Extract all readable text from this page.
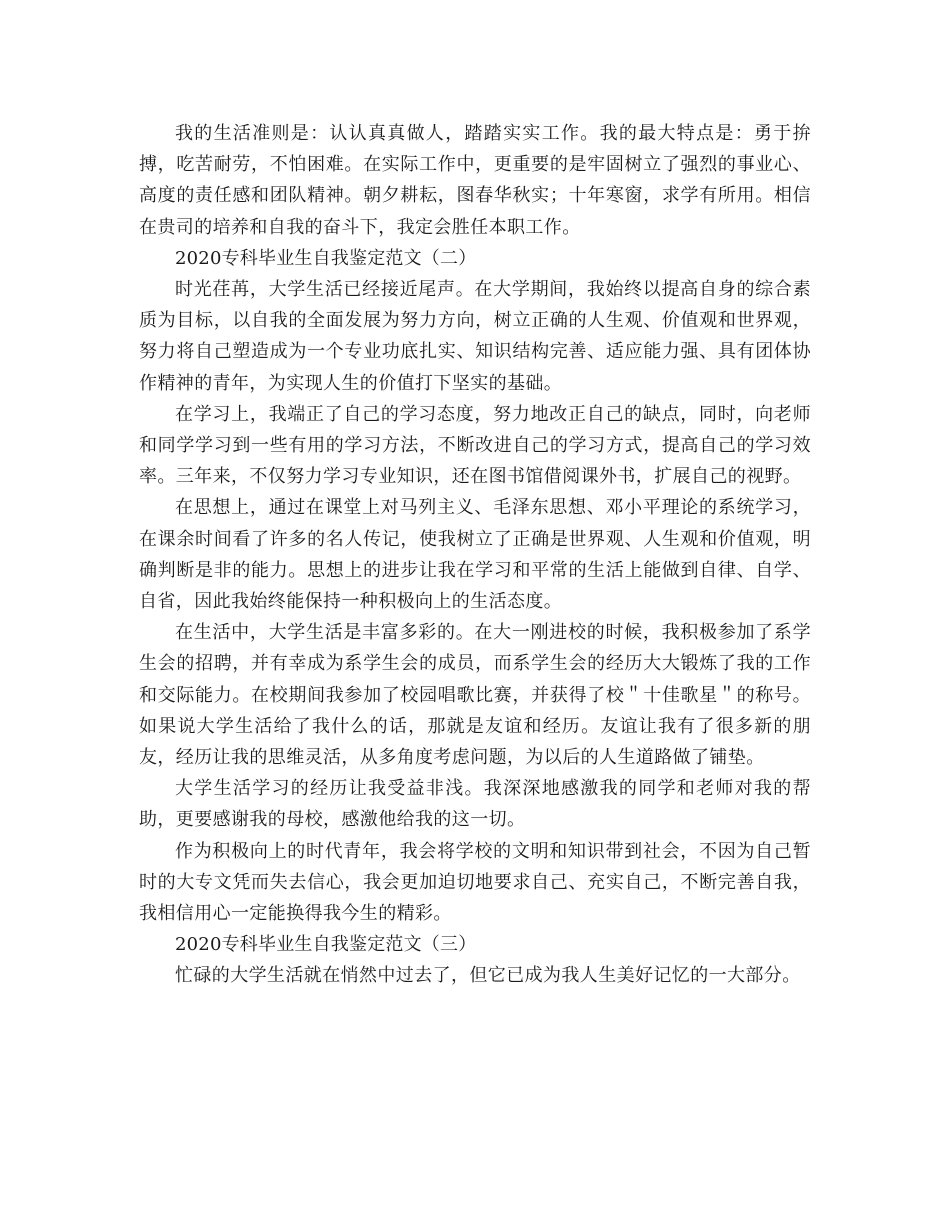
我的生活准则是：认认真真做人，踏踏实实工作。我的最大特点是：勇于拚搏，吃苦耐劳，不怕困难。在实际工作中，更重要的是牢固树立了强烈的事业心、高度的责任感和团队精神。朝夕耕耘，图春华秋实；十年寒窗，求学有所用。相信在贵司的培养和自我的奋斗下，我定会胜任本职工作。

2020专科毕业生自我鉴定范文（二）

时光荏苒，大学生活已经接近尾声。在大学期间，我始终以提高自身的综合素质为目标，以自我的全面发展为努力方向，树立正确的人生观、价值观和世界观，努力将自己塑造成为一个专业功底扎实、知识结构完善、适应能力强、具有团体协作精神的青年，为实现人生的价值打下坚实的基础。

在学习上，我端正了自己的学习态度，努力地改正自己的缺点，同时，向老师和同学学习到一些有用的学习方法，不断改进自己的学习方式，提高自己的学习效率。三年来，不仅努力学习专业知识，还在图书馆借阅课外书，扩展自己的视野。

在思想上，通过在课堂上对马列主义、毛泽东思想、邓小平理论的系统学习，在课余时间看了许多的名人传记，使我树立了正确是世界观、人生观和价值观，明确判断是非的能力。思想上的进步让我在学习和平常的生活上能做到自律、自学、自省，因此我始终能保持一种积极向上的生活态度。

在生活中，大学生活是丰富多彩的。在大一刚进校的时候，我积极参加了系学生会的招聘，并有幸成为系学生会的成员，而系学生会的经历大大锻炼了我的工作和交际能力。在校期间我参加了校园唱歌比赛，并获得了校＂十佳歌星＂的称号。如果说大学生活给了我什么的话，那就是友谊和经历。友谊让我有了很多新的朋友，经历让我的思维灵活，从多角度考虑问题，为以后的人生道路做了铺垫。

大学生活学习的经历让我受益非浅。我深深地感激我的同学和老师对我的帮助，更要感谢我的母校，感激他给我的这一切。

作为积极向上的时代青年，我会将学校的文明和知识带到社会，不因为自己暂时的大专文凭而失去信心，我会更加迫切地要求自己、充实自己，不断完善自我，我相信用心一定能换得我今生的精彩。

2020专科毕业生自我鉴定范文（三）

忙碌的大学生活就在悄然中过去了，但它已成为我人生美好记忆的一大部分。
